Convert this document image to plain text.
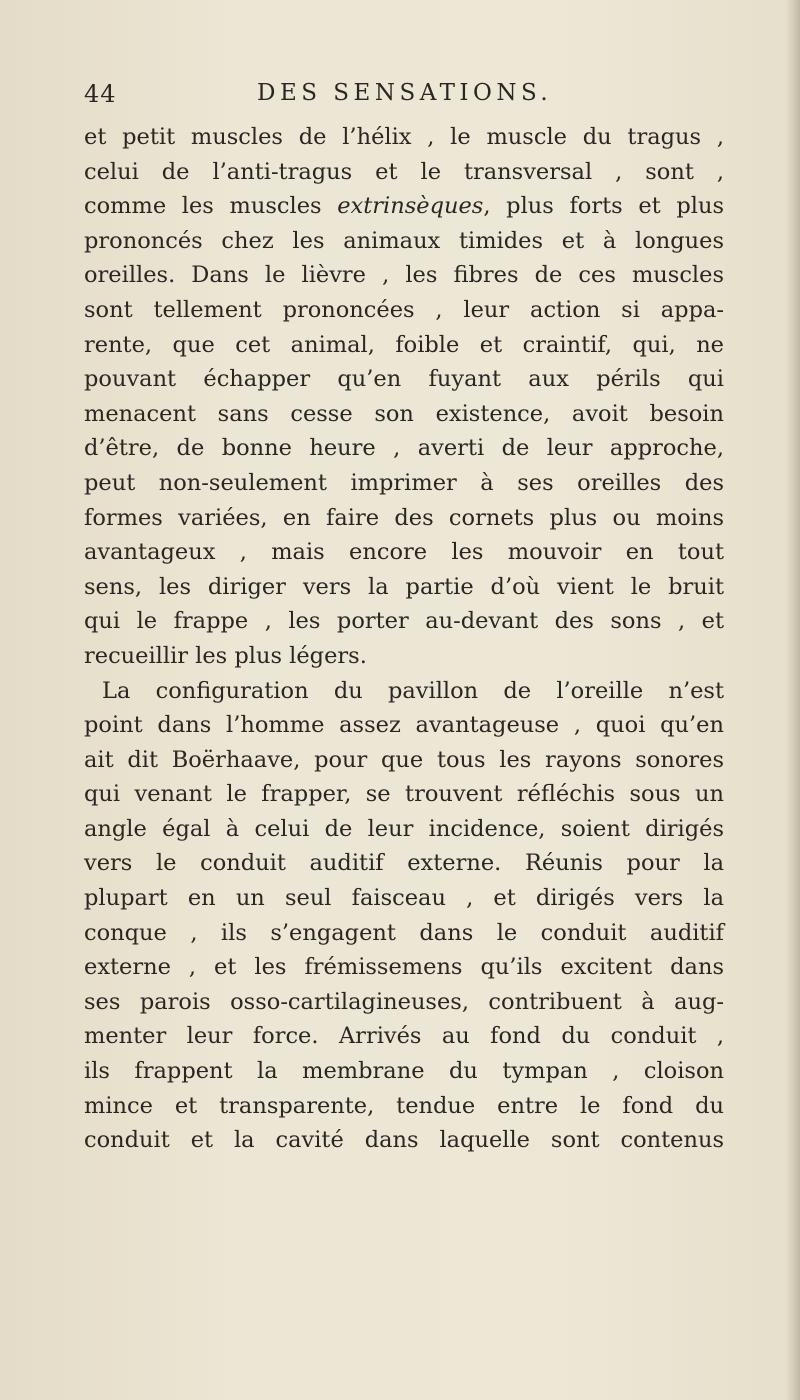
44	DES SENSATIONS.
et petit muscles de l’hélix , le muscle du tragus ,
celui de l’anti-tragus et le transversal , sont ,
comme les muscles extrinsèques, plus forts et plus
prononcés chez les animaux timides et à longues
oreilles. Dans le lièvre , les fibres de ces muscles
sont tellement prononcées , leur action si appa-
rente, que cet animal, foible et craintif, qui, ne
pouvant échapper qu’en fuyant aux périls qui
menacent sans cesse son existence, avoit besoin
d’être, de bonne heure , averti de leur approche,
peut non-seulement imprimer à ses oreilles des
formes variées, en faire des cornets plus ou moins
avantageux , mais encore les mouvoir en tout
sens, les diriger vers la partie d’où vient le bruit
qui le frappe , les porter au-devant des sons , et
recueillir les plus légers.
La configuration du pavillon de l’oreille n’est
point dans l’homme assez avantageuse , quoi qu’en
ait dit Boërhaave, pour que tous les rayons sonores
qui venant le frapper, se trouvent réfléchis sous un
angle égal à celui de leur incidence, soient dirigés
vers le conduit auditif externe. Réunis pour la
plupart en un seul faisceau , et dirigés vers la
conque , ils s’engagent dans le conduit auditif
externe , et les frémissemens qu’ils excitent dans
ses parois osso-cartilagineuses, contribuent à aug-
menter leur force. Arrivés au fond du conduit ,
ils frappent la membrane du tympan , cloison
mince et transparente, tendue entre le fond du
conduit et la cavité dans laquelle sont contenus
